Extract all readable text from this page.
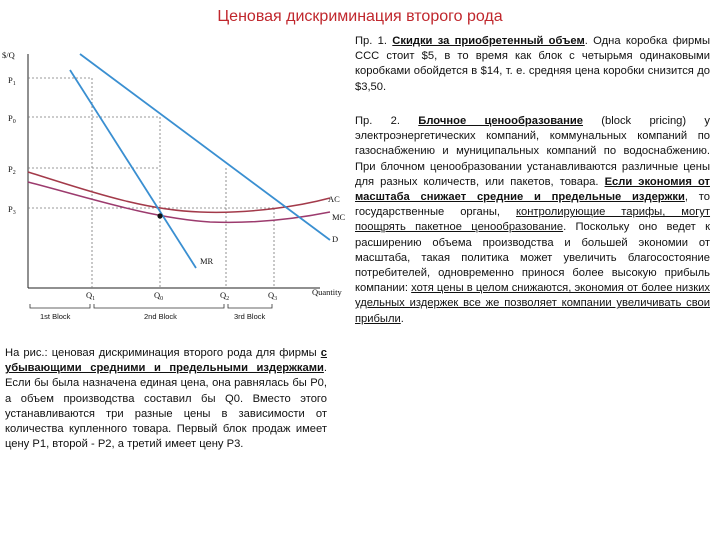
Ценовая дискриминация второго рода
$/Q
Quantity
$P_1$
$P_0$
$P_2$
$P_3$
$Q_1$	$Q_0$	$Q_2$	$Q_3$
1st Block	2nd Block	3rd Block
AC
MC
D
MR
На рис.: ценовая дискриминация второго рода для фирмы с убывающими средними и предельными издержками. Если бы была назначена единая цена, она равнялась бы P0, а объем производства составил бы Q0. Вместо этого устанавливаются три разные цены в зависимости от количества купленного товара. Первый блок продаж имеет цену P1, второй - P2, а третий имеет цену P3.
Пр. 1. Скидки за приобретенный объем. Одна коробка фирмы CCC стоит $5, в то время как блок с четырьмя одинаковыми коробками обойдется в $14, т. е. средняя цена коробки снизится до $3,50.
Пр. 2. Блочное ценообразование (block pricing) у электроэнергетических компаний, коммунальных компаний по газоснабжению и муниципальных компаний по водоснабжению. При блочном ценообразовании устанавливаются различные цены для разных количеств, или пакетов, товара. Если экономия от масштаба снижает средние и предельные издержки, то государственные органы, контролирующие тарифы, могут поощрять пакетное ценообразование. Поскольку оно ведет к расширению объема производства и большей экономии от масштаба, такая политика может увеличить благосостояние потребителей, одновременно принося более высокую прибыль компании: хотя цены в целом снижаются, экономия от более низких удельных издержек все же позволяет компании увеличивать свои прибыли.
